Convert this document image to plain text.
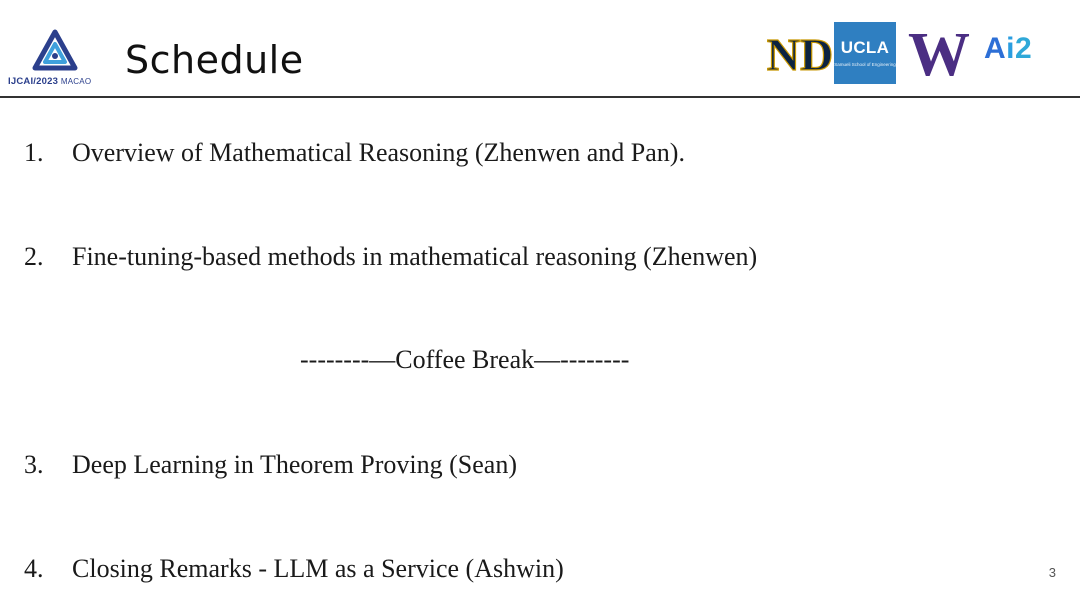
IJCAI/2023 MACAO Schedule	ND UCLA
Samueli School of Engineering W Ai2
1.	Overview of Mathematical Reasoning (Zhenwen and Pan).
2.	Fine-tuning-based methods in mathematical reasoning (Zhenwen)
--------—Coffee Break—--------
3.	Deep Learning in Theorem Proving (Sean)
4.	Closing Remarks - LLM as a Service (Ashwin)	3
